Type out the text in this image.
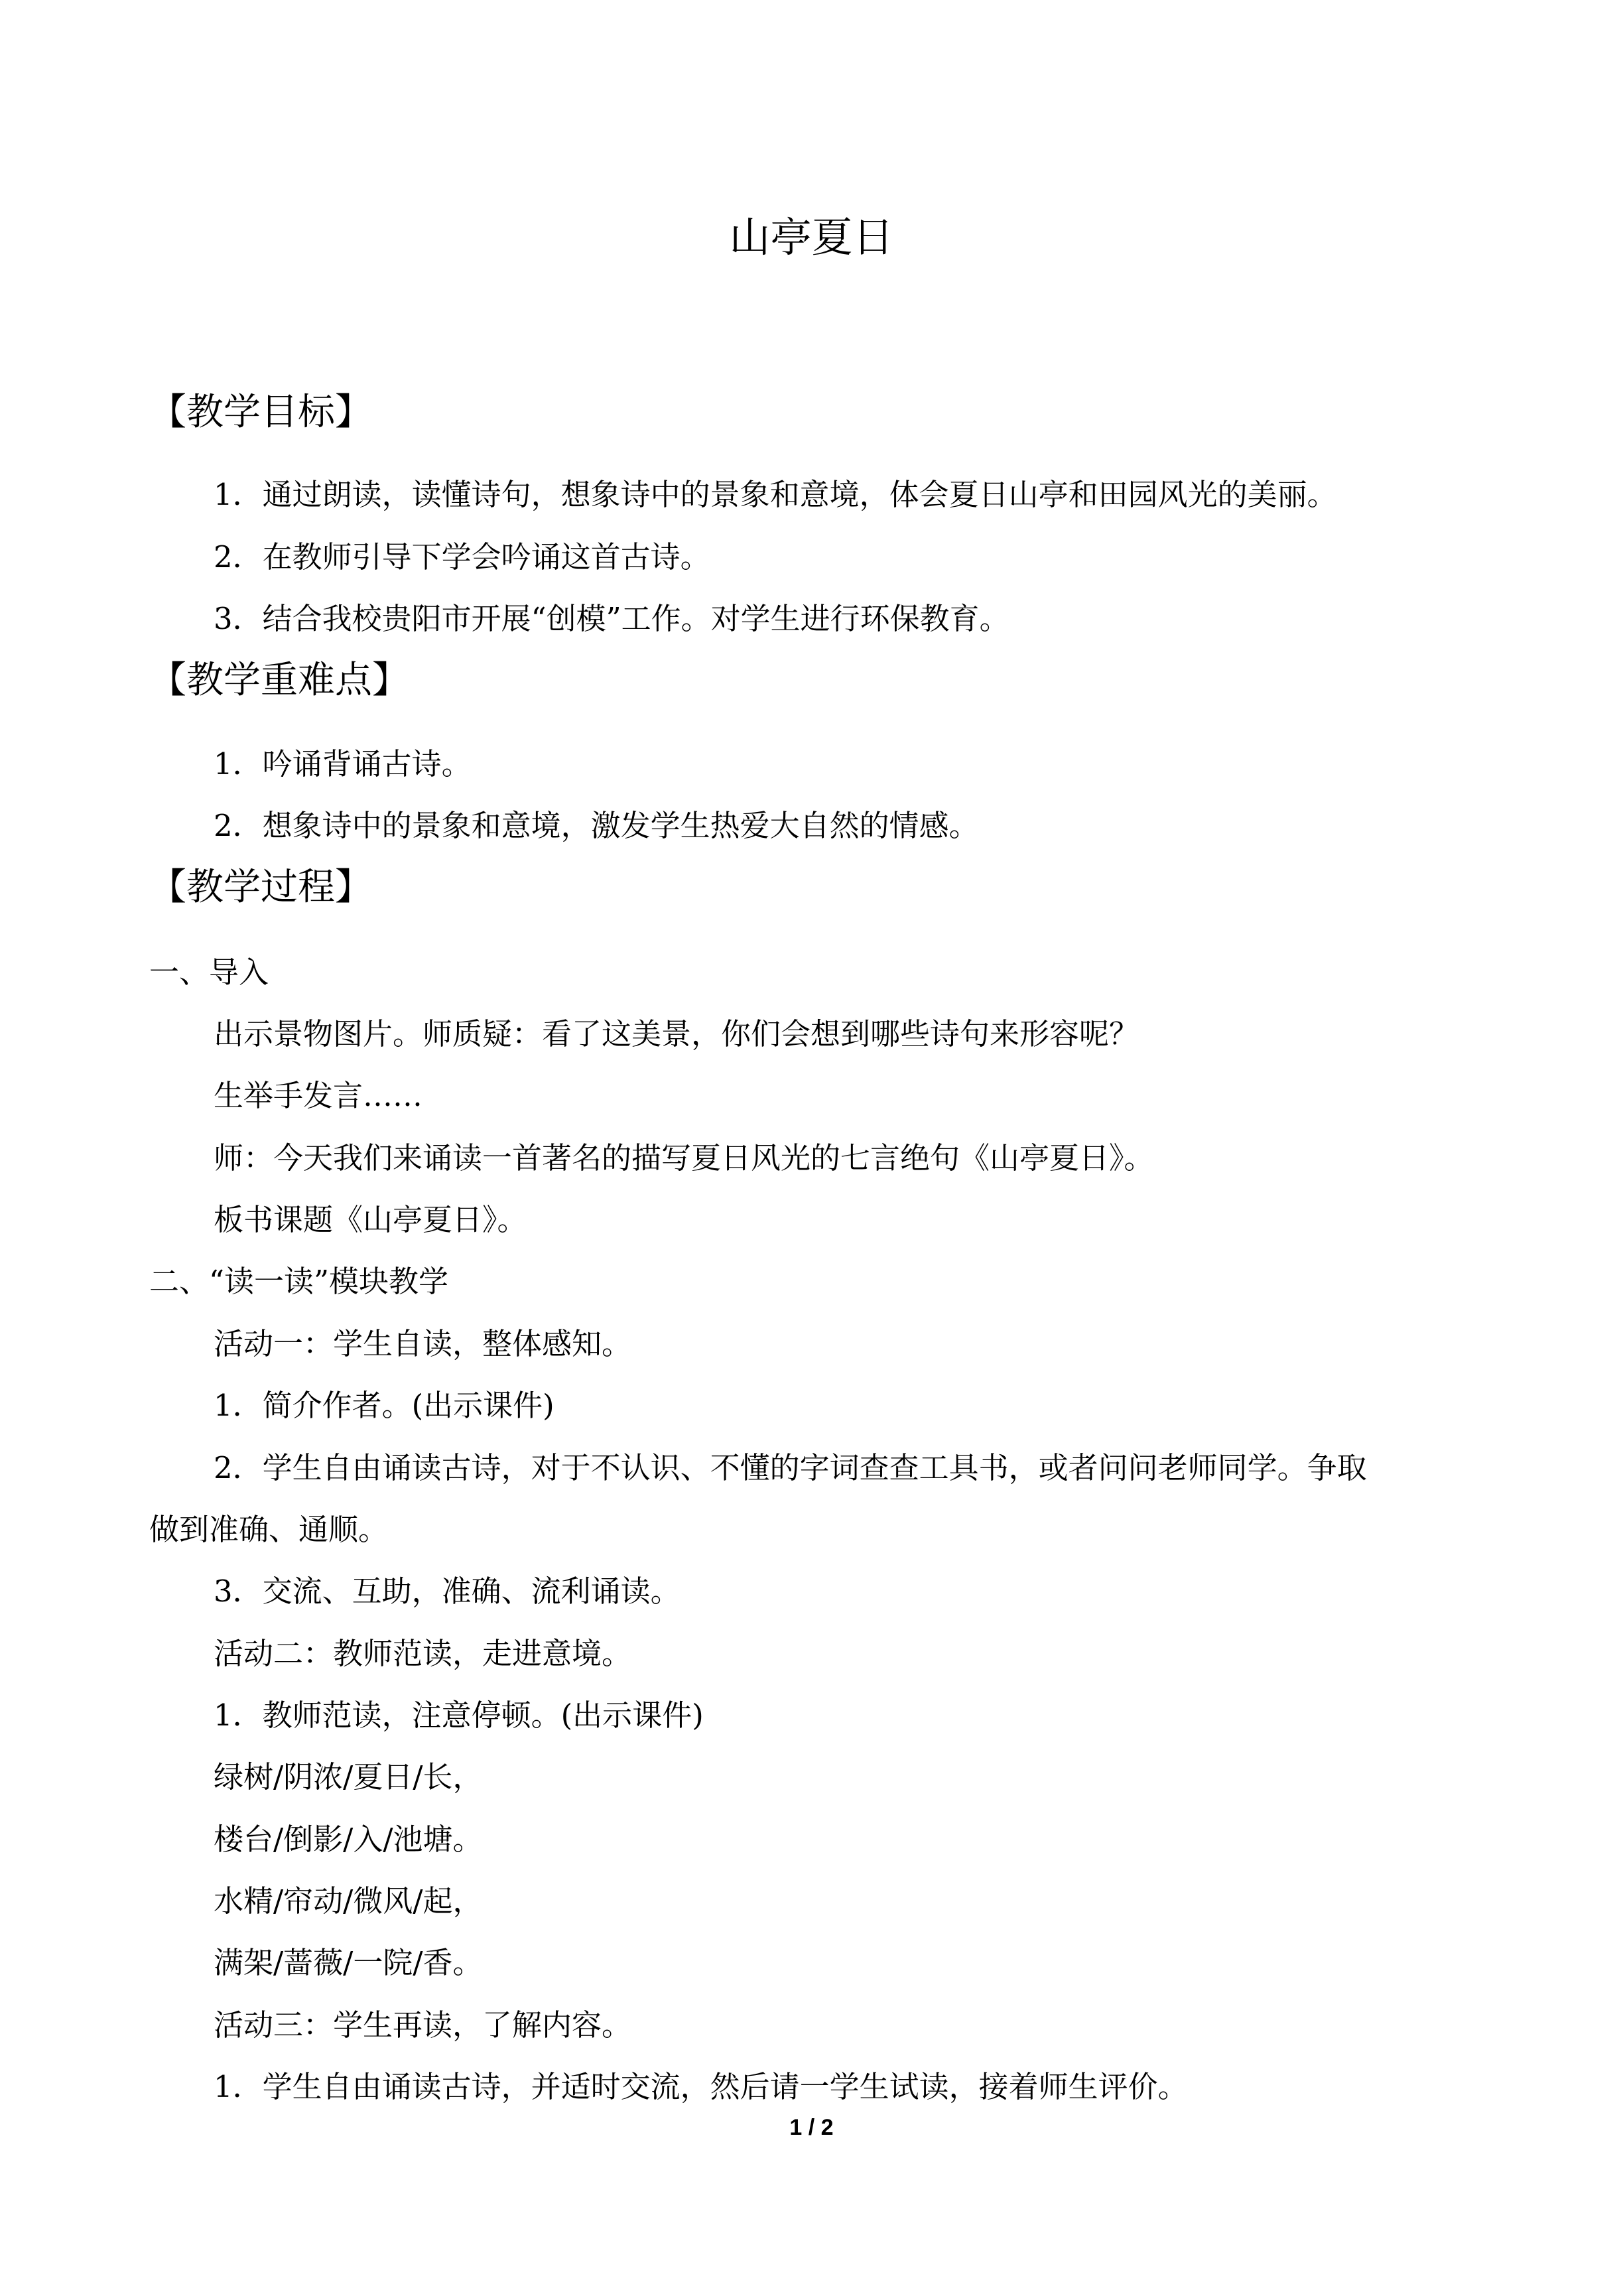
山亭夏日
【教学目标】
1．通过朗读，读懂诗句，想象诗中的景象和意境，体会夏日山亭和田园风光的美丽。
2．在教师引导下学会吟诵这首古诗。
3．结合我校贵阳市开展“创模”工作。对学生进行环保教育。
【教学重难点】
1．吟诵背诵古诗。
2．想象诗中的景象和意境，激发学生热爱大自然的情感。
【教学过程】
一、导入
出示景物图片。师质疑：看了这美景，你们会想到哪些诗句来形容呢？
生举手发言……
师：今天我们来诵读一首著名的描写夏日风光的七言绝句《山亭夏日》。
板书课题《山亭夏日》。
二、“读一读”模块教学
活动一：学生自读，整体感知。
1．简介作者。(出示课件)
2．学生自由诵读古诗，对于不认识、不懂的字词查查工具书，或者问问老师同学。争取
做到准确、通顺。
3．交流、互助，准确、流利诵读。
活动二：教师范读，走进意境。
1．教师范读，注意停顿。(出示课件)
绿树/阴浓/夏日/长，
楼台/倒影/入/池塘。
水精/帘动/微风/起，
满架/蔷薇/一院/香。
活动三：学生再读，了解内容。
1．学生自由诵读古诗，并适时交流，然后请一学生试读，接着师生评价。
1 / 2
